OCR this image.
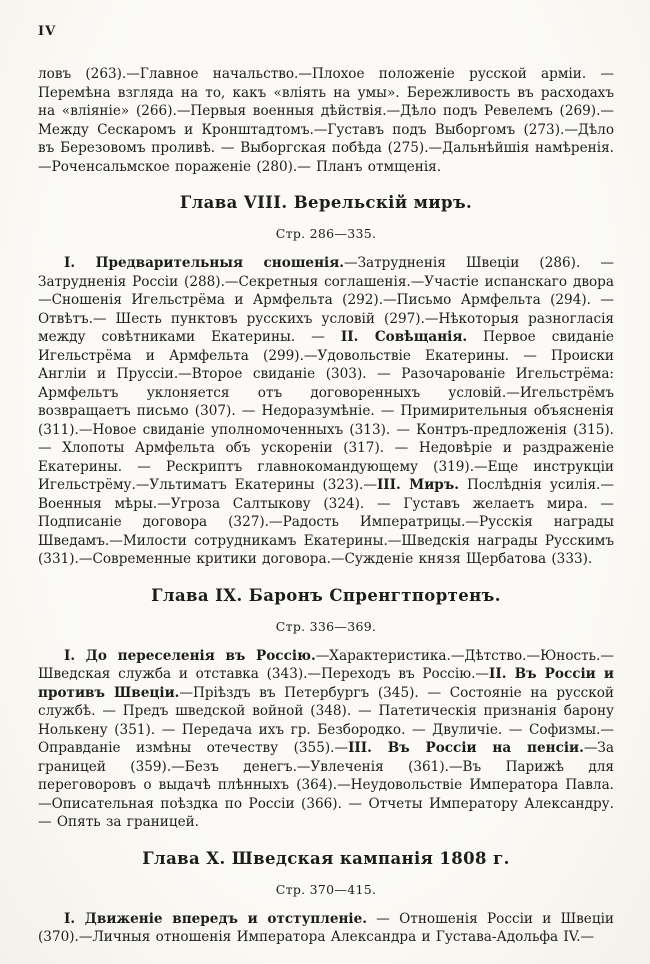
IV

ловъ (263).—Главное начальство.—Плохое положеніе русской арміи. — Перемѣна взгляда на то, какъ «вліять на умы». Бережливость въ расходахъ на «вліяніе» (266).—Первыя военныя дѣйствія.—Дѣло подъ Ревелемъ (269).—Между Сескаромъ и Кронштадтомъ.—Густавъ подъ Выборгомъ (273).—Дѣло въ Березовомъ проливѣ. — Выборгская побѣда (275).—Дальнѣйшія намѣренія.—Роченсальмское пораженіе (280).— Планъ отмщенія.

Глава VIII. Верельскій миръ.
Стр. 286—335.

I. Предварительныя сношенія.—Затрудненія Швеціи (286). — Затрудненія Россіи (288).—Секретныя соглашенія.—Участіе испанскаго двора—Сношенія Игельстрёма и Армфельта (292).—Письмо Армфельта (294). — Отвѣтъ.— Шесть пунктовъ русскихъ условій (297).—Нѣкоторыя разногласія между совѣтниками Екатерины. — II. Совѣщанія. Первое свиданіе Игельстрёма и Армфельта (299).—Удовольствіе Екатерины. — Происки Англіи и Пруссіи.—Второе свиданіе (303). — Разочарованіе Игельстрёма: Армфельтъ уклоняется отъ договоренныхъ условій.—Игельстрёмъ возвращаетъ письмо (307). — Недоразумѣніе. — Примирительныя объясненія (311).—Новое свиданіе уполномоченныхъ (313). — Контръ-предложенія (315). — Хлопоты Армфельта объ ускореніи (317). — Недовѣріе и раздраженіе Екатерины. — Рескриптъ главнокомандующему (319).—Еще инструкціи Игельстрёму.—Ультиматъ Екатерины (323).—III. Миръ. Послѣднія усилія.—Военныя мѣры.—Угроза Салтыкову (324). — Густавъ желаетъ мира. — Подписаніе договора (327).—Радость Императрицы.—Русскія награды Шведамъ.—Милости сотрудникамъ Екатерины.—Шведскія награды Русскимъ (331).—Современные критики договора.—Сужденіе князя Щербатова (333).

Глава IX. Баронъ Спренгтпортенъ.
Стр. 336—369.

I. До переселенія въ Россію.—Характеристика.—Дѣтство.—Юность.— Шведская служба и отставка (343).—Переходъ въ Россію.—II. Въ Россіи и противъ Швеціи.—Пріѣздъ въ Петербургъ (345). — Состояніе на русской службѣ. — Предъ шведской войной (348). — Патетическія признанія барону Нолькену (351). — Передача ихъ гр. Безбородко. — Двуличіе. — Софизмы.—Оправданіе измѣны отечеству (355).—III. Въ Россіи на пенсіи.—За границей (359).—Безъ денегъ.—Увлеченія (361).—Въ Парижѣ для переговоровъ о выдачѣ плѣнныхъ (364).—Неудовольствіе Императора Павла.—Описательная поѣздка по Россіи (366). — Отчеты Императору Александру. — Опять за границей.

Глава X. Шведская кампанія 1808 г.
Стр. 370—415.

I. Движеніе впередъ и отступленіе. — Отношенія Россіи и Швеціи (370).—Личныя отношенія Императора Александра и Густава-Адольфа IV.—
